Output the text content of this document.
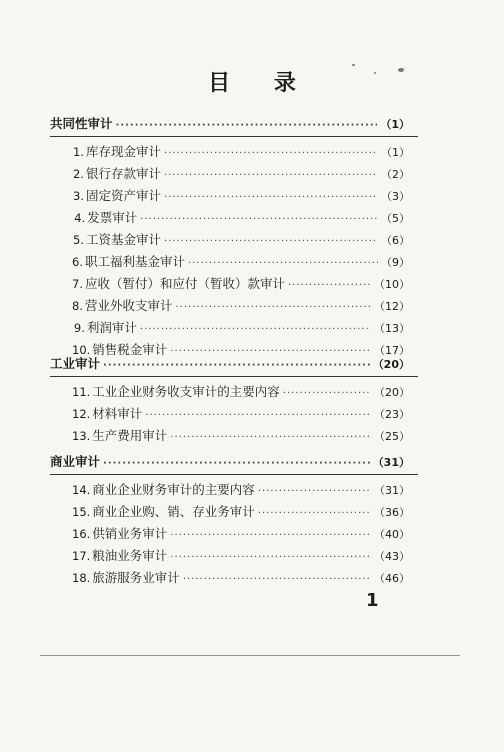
目 录
共同性审计 ·····	（1）
1. 库存现金审计 ·····	（1）
2. 银行存款审计 ·····	（2）
3. 固定资产审计 ·····	（3）
4. 发票审计 ·····	（5）
5. 工资基金审计 ·····	（6）
6. 职工福利基金审计 ·····	（9）
7. 应收（暂付）和应付（暂收）款审计 ·····	（10）
8. 营业外收支审计 ·····	（12）
9. 利润审计 ·····	（13）
10. 销售税金审计 ·····	（17）
工业审计 ·····	（20）
11. 工业企业财务收支审计的主要内容 ·····	（20）
12. 材料审计 ·····	（23）
13. 生产费用审计 ·····	（25）
商业审计 ·····	（31）
14. 商业企业财务审计的主要内容 ·····	（31）
15. 商业企业购、销、存业务审计 ·····	（36）
16. 供销业务审计 ·····	（40）
17. 粮油业务审计 ·····	（43）
18. 旅游服务业审计 ·····	（46）
1
